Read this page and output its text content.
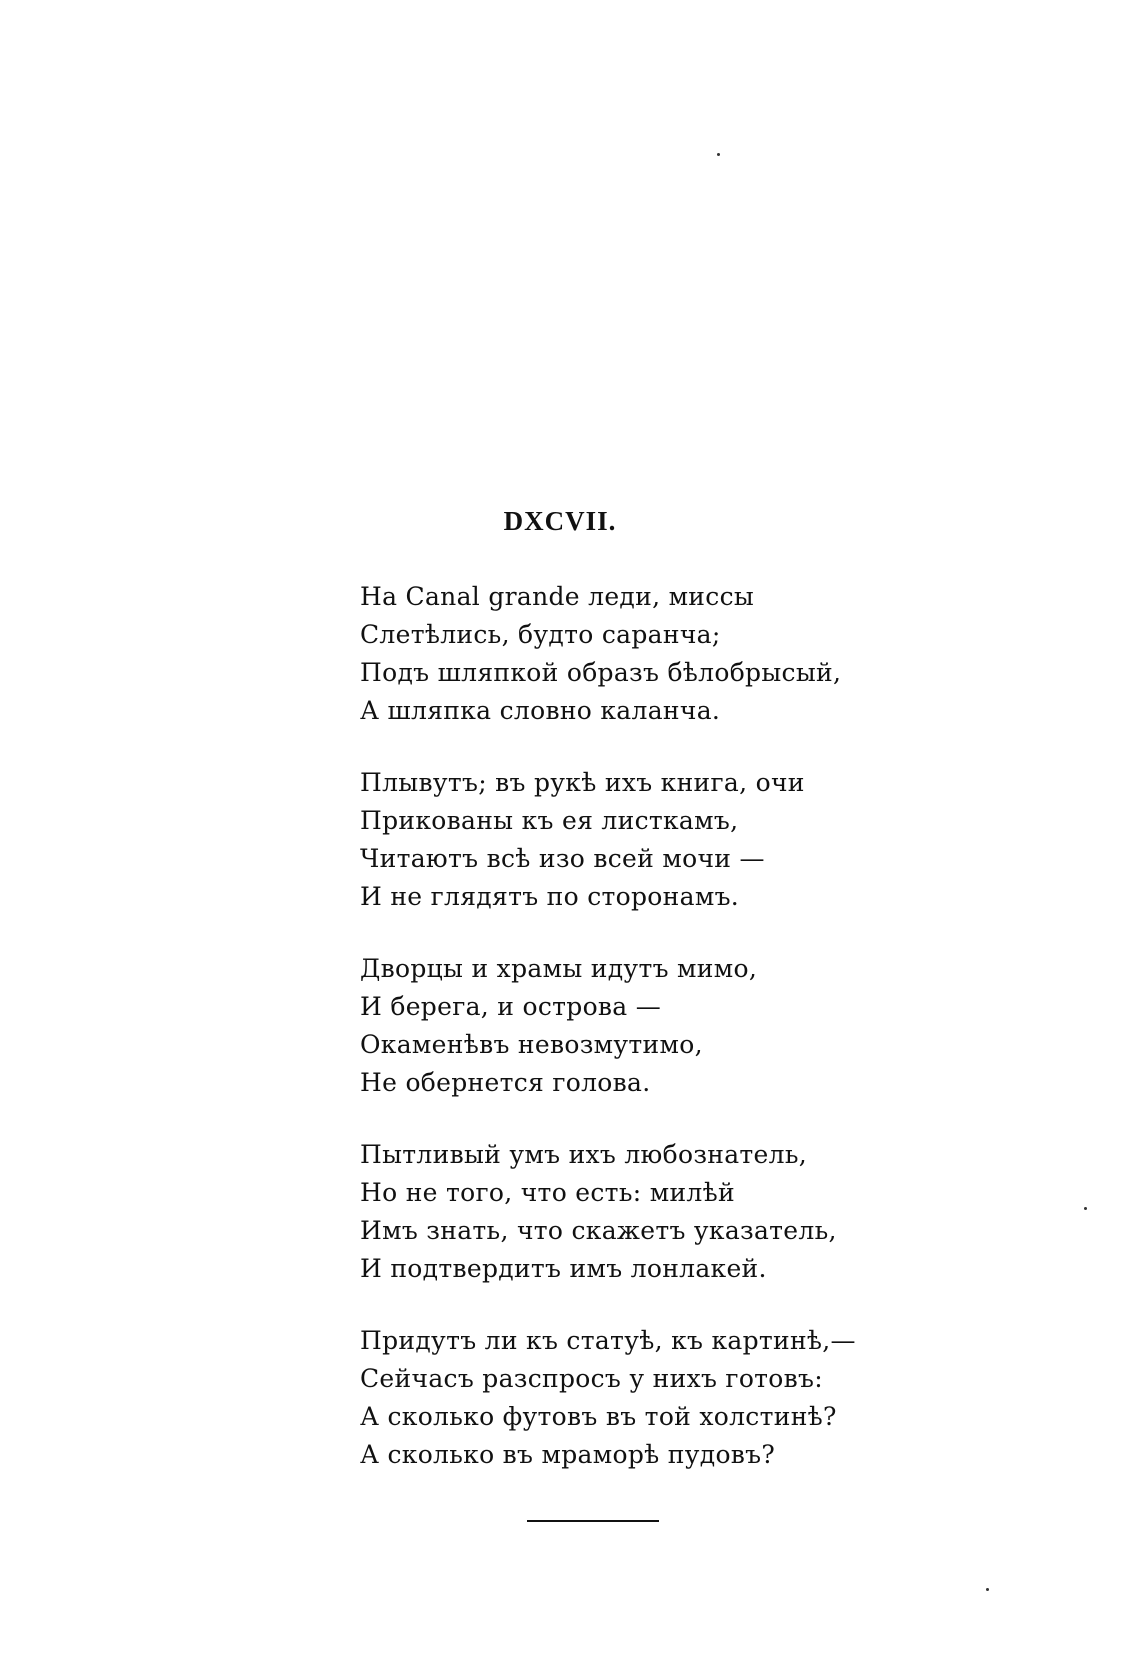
DXCVII.
На Canal grande леди, миссы
Слетѣлись, будто саранча;
Подъ шляпкой образъ бѣлобрысый,
А шляпка словно каланча.
Плывутъ; въ рукѣ ихъ книга, очи
Прикованы къ ея листкамъ,
Читаютъ всѣ изо всей мочи —
И не глядятъ по сторонамъ.
Дворцы и храмы идутъ мимо,
И берега, и острова —
Окаменѣвъ невозмутимо,
Не обернется голова.
Пытливый умъ ихъ любознатель,
Но не того, что есть: милѣй
Имъ знать, что скажетъ указатель,
И подтвердитъ имъ лонлакей.
Придутъ ли къ статуѣ, къ картинѣ,—
Сейчасъ разспросъ у нихъ готовъ:
А сколько футовъ въ той холстинѣ?
А сколько въ мраморѣ пудовъ?
